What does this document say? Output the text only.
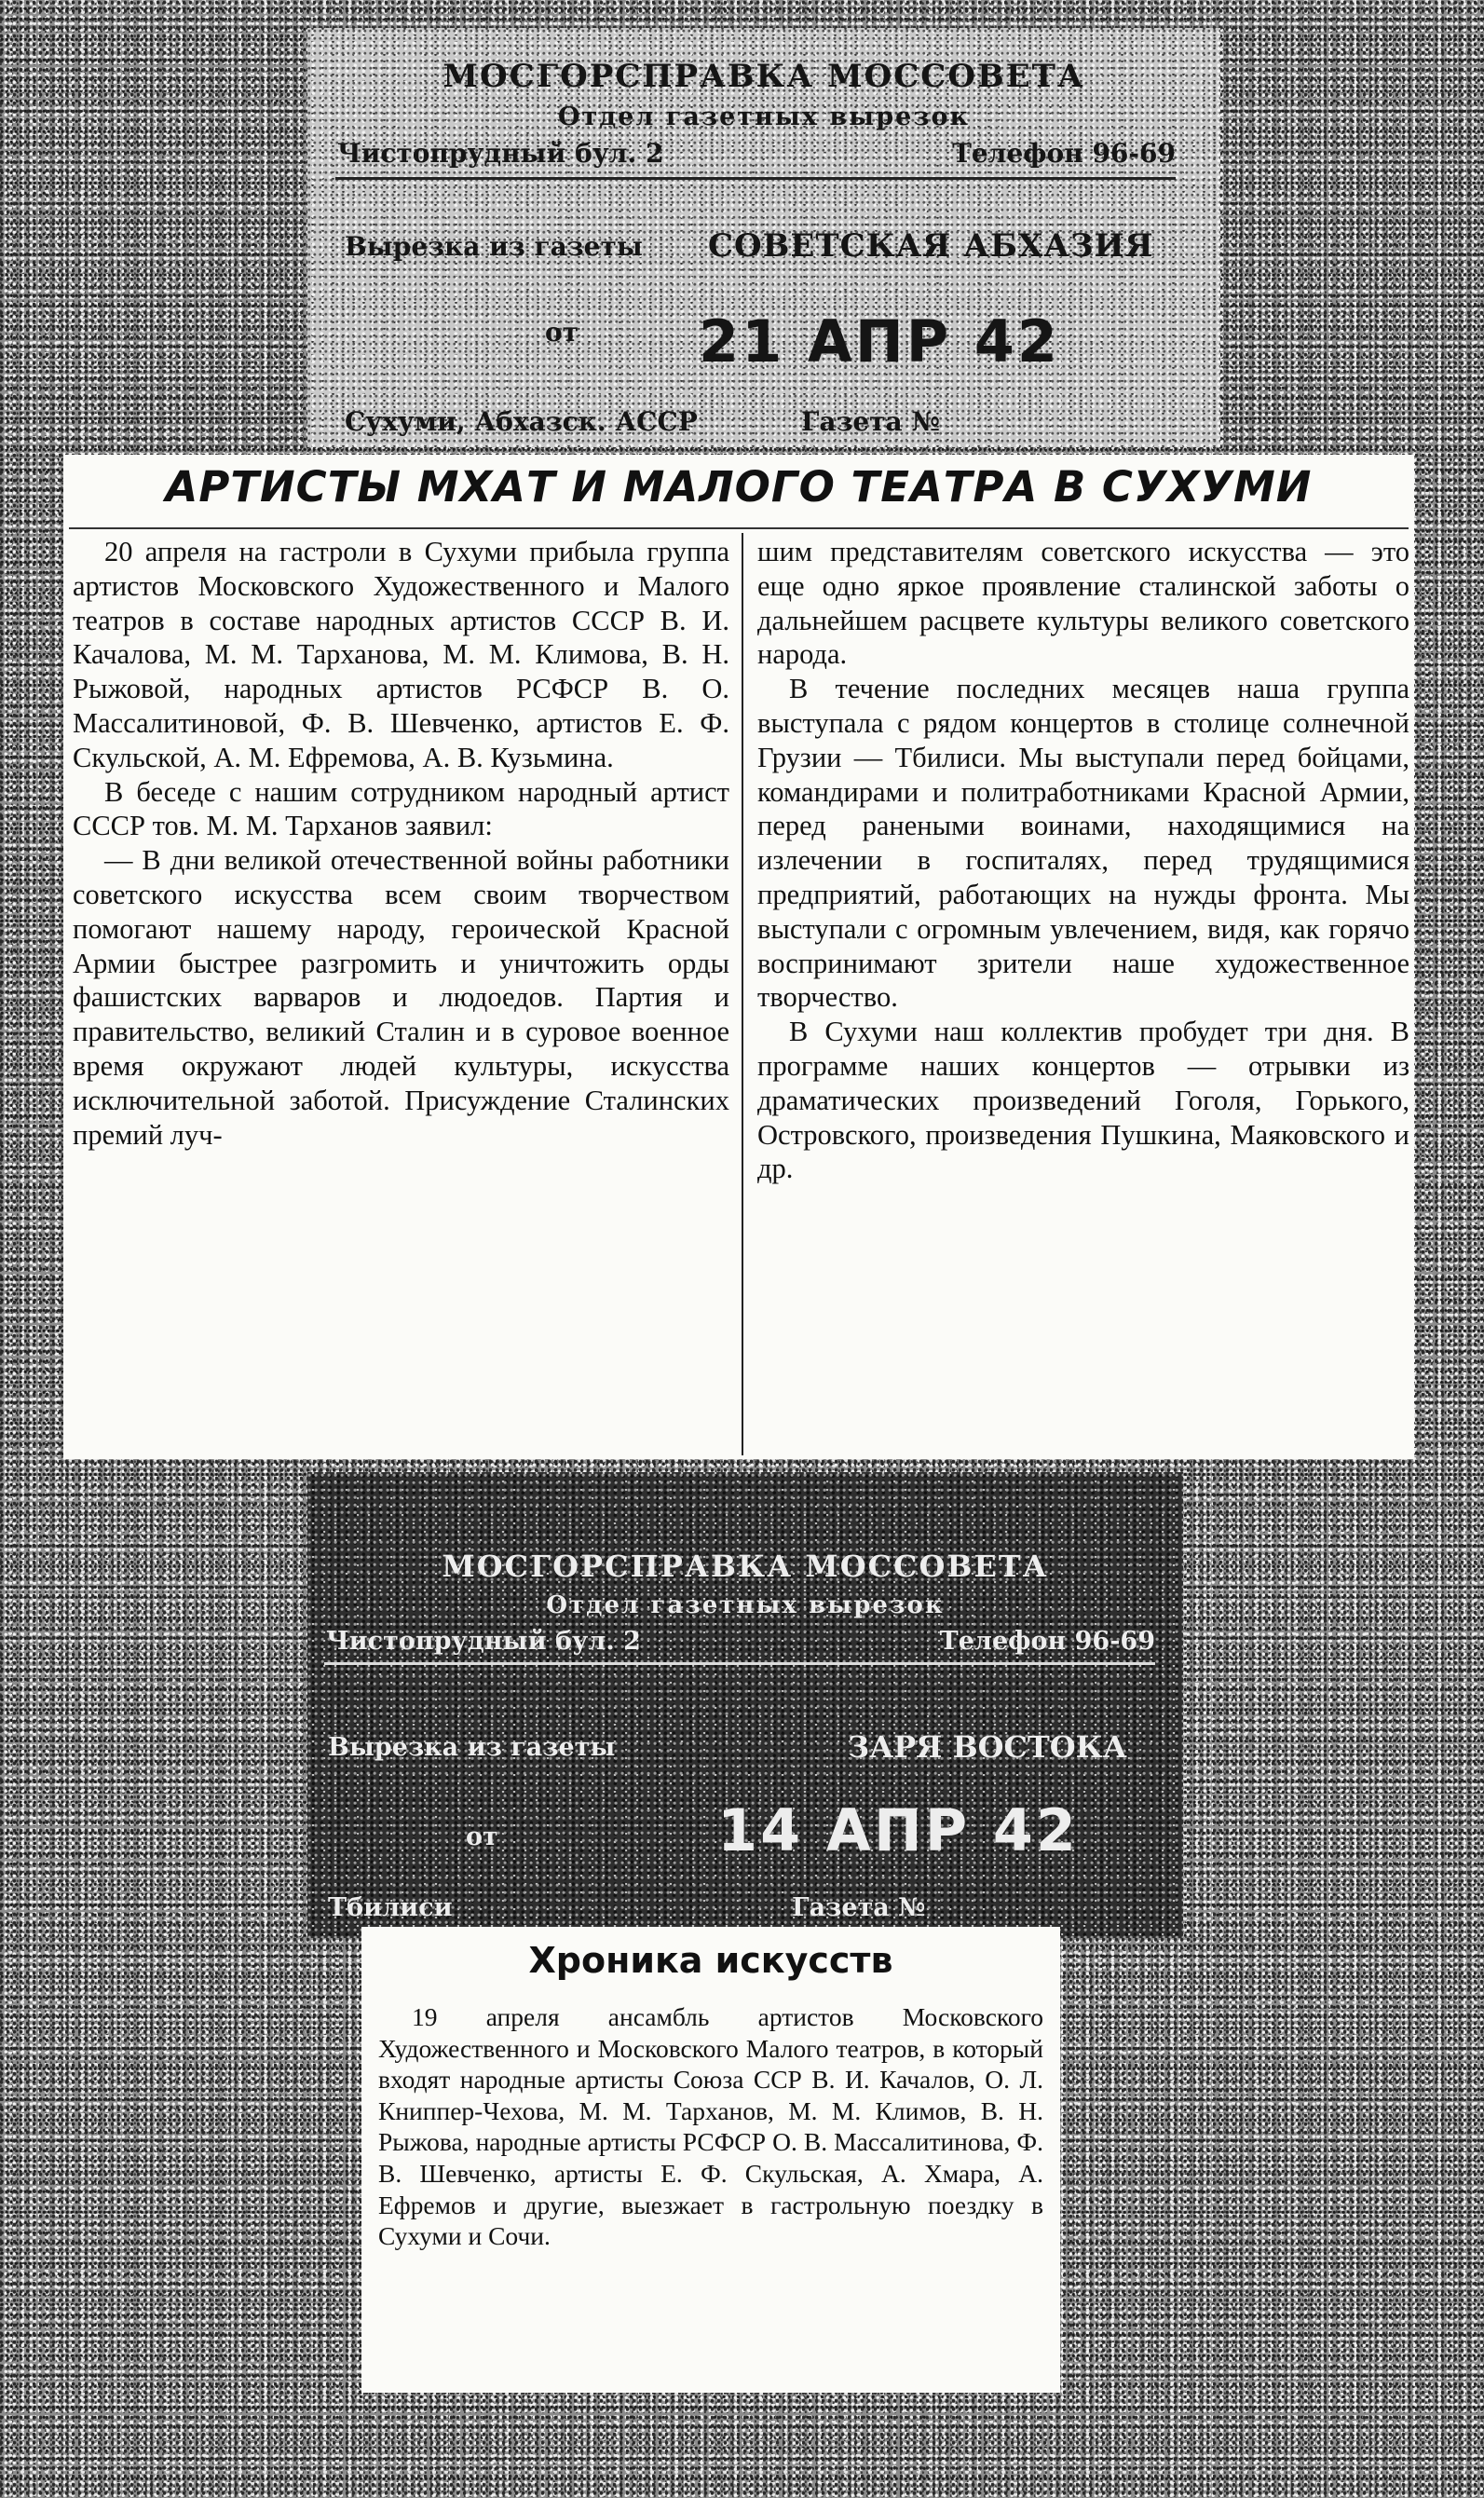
МОСГОРСПРАВКА МОССОВЕТА
Отдел газетных вырезок
Чистопрудный бул. 2	Телефон 96-69
Вырезка из газеты СОВЕТСКАЯ АБХАЗИЯ
от 21 АПР 42
Сухуми, Абхазск. АССР	Газета №
АРТИСТЫ МХАТ И МАЛОГО ТЕАТРА В СУХУМИ

20 апреля на гастроли в Сухуми прибыла группа артистов Московского Художественного и Малого театров в составе народных артистов СССР В. И. Качалова, М. М. Тарханова, М. М. Климова, В. Н. Рыжовой, народных артистов РСФСР В. О. Массалитиновой, Ф. В. Шевченко, артистов Е. Ф. Скульской, А. М. Ефремова, А. В. Кузьмина.

В беседе с нашим сотрудником народный артист СССР тов. М. М. Тарханов заявил:

— В дни великой отечественной войны работники советского искусства всем своим творчеством помогают нашему народу, героической Красной Армии быстрее разгромить и уничтожить орды фашистских варваров и людоедов. Партия и правительство, великий Сталин и в суровое военное время окружают людей культуры, искусства исключительной заботой. Присуждение Сталинских премий луч-

шим представителям советского искусства — это еще одно яркое проявление сталинской заботы о дальнейшем расцвете культуры великого советского народа.

В течение последних месяцев наша группа выступала с рядом концертов в столице солнечной Грузии — Тбилиси. Мы выступали перед бойцами, командирами и политработниками Красной Армии, перед ранеными воинами, находящимися на излечении в госпиталях, перед трудящимися предприятий, работающих на нужды фронта. Мы выступали с огромным увлечением, видя, как горячо воспринимают зрители наше художественное творчество.

В Сухуми наш коллектив пробудет три дня. В программе наших концертов — отрывки из драматических произведений Гоголя, Горького, Островского, произведения Пушкина, Маяковского и др.

МОСГОРСПРАВКА МОССОВЕТА
Отдел газетных вырезок
Чистопрудный бул. 2	Телефон 96-69
Вырезка из газеты	ЗАРЯ ВОСТОКА
от	14 АПР 42
Тбилиси	Газета №
Хроника искусств

19 апреля ансамбль артистов Московского Художественного и Московского Малого театров, в который входят народные артисты Союза ССР В. И. Качалов, О. Л. Книппер-Чехова, М. М. Тарханов, М. М. Климов, В. Н. Рыжова, народные артисты РСФСР О. В. Массалитинова, Ф. В. Шевченко, артисты Е. Ф. Скульская, А. Хмара, А. Ефремов и другие, выезжает в гастрольную поездку в Сухуми и Сочи.
